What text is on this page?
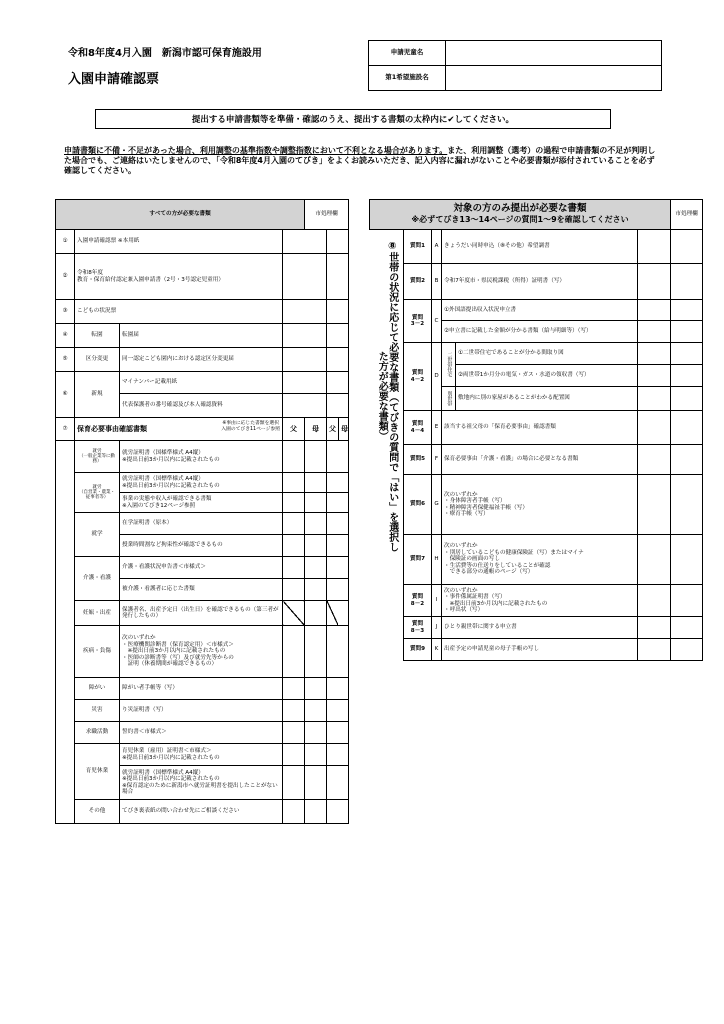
令和8年度4月入園　新潟市認可保育施設用
入園申請確認票
申請児童名	
第1希望施設名	
提出する申請書類等を準備・確認のうえ、提出する書類の太枠内に✔してください。
申請書類に不備・不足があった場合、利用調整の基準指数や調整指数において不利となる場合があります。また、利用調整（選考）の過程で申請書類の不足が判明した場合でも、ご連絡はいたしませんので、「令和8年度4月入園のてびき」をよくお読みいただき、記入内容に漏れがないことや必要書類が添付されていることを必ず確認してください。
すべての方が必要な書類	市処理欄
①	入園申請確認票 ※本用紙		
②	令和8年度
教育・保育給付認定兼入園申請書（2号・3号認定児童用）		
③	こどもの状況票		
④	転園	転園届		
⑤	区分変更	同一認定こども園内における認定区分変更届		
⑥	新規	マイナンバー記載用紙		
代表保護者の番号確認及び本人確認資料		
⑦	保育必要事由確認書類
※事由に応じた書類を選択
入園のてびき11ページ参照	父	母	父	母

	就労
（一般企業等に勤務）	就労証明書（国様準様式 A4縦）
※提出日前3か月以内に記載されたもの			
就労
（自営業・農業・従事者等）	就労証明書（国標準様式 A4縦）
※提出日前3か月以内に記載されたもの			
事業の実態や収入が確認できる書類
※入園のてびき12ページ参照			
就学	在学証明書（原本）			
授業時間割など拘束性が確認できるもの			
介護・看護	介護・看護状況申告書＜市様式＞			
被介護・看護者に応じた書類			
妊娠・出産	保護者名、出産予定日（出生日）を確認できるもの（第三者が発行したもの）			

疾病・負傷	次のいずれか
・医療機関診断書（保育認定用）＜市様式＞
　※提出日前3か月以内に記載されたもの
・医師の診断書等（写）及び就労先等からの
　証明（休養期間が確認できるもの）			
障がい	障がい者手帳等（写）			
災害	り災証明書（写）			
求職活動	誓約書＜市様式＞			
育児休業	育児休業（雇用）証明書＜市様式＞
※提出日前3か月以内に記載されたもの			
就労証明書（国標準様式 A4縦）
※提出日前3か月以内に記載されたもの
※保育認定のために新潟市へ就労証明書を提出したことがない場合			
その他	てびき裏表紙の問い合わせ先にご相談ください			
対象の方のみ提出が必要な書類
※必ずてびき13～14ページの質問1～9を確認してください						市処理欄

⑧世帯の状況に応じて必要な書類（てびきの質問で「はい」を選択した方が必要な書類）	質問1	A	きょうだい同時申込（⑧その他）希望調書			
	質問2	B	令和7年度市・県民税課税（所得）証明書（写）			
	質問
3－2	C	①外国語提出収入状況申立書			
			②申立書に記載した金額が分かる書類（給与明細等）（写）			
	質問
4－2	D	二世帯住宅	①二世帯住宅であることが分かる間取り図		
				②両世帯1か月分の電気・ガス・水道の領収書（写）		

			別世帯	敷地内に別の家屋があることがわかる配置図		
	質問
4－4	E	該当する祖父母の「保育必要事由」確認書類			
	質問5	F	保育必要事由「介護・看護」の場合に必要となる書類			
	質問6	G	次のいずれか
・身体障害者手帳（写）
・精神障害者保健福祉手帳（写）
・療育手帳（写）			
	質問7	H	次のいずれか
・別居しているこどもの健康保険証（写）またはマイナ
　保険証の画面の写し
・生活費等の仕送りをしていることが確認
　できる部分の通帳のページ（写）			
	質問
8－2	I	次のいずれか
・事件係属証明書（写）
　※提出日前3か月以内に記載されたもの
・呼出状（写）			
	質問
8－3	J	ひとり親世帯に関する申立書			
	質問9	K	出産予定の申請児童の母子手帳の写し			
